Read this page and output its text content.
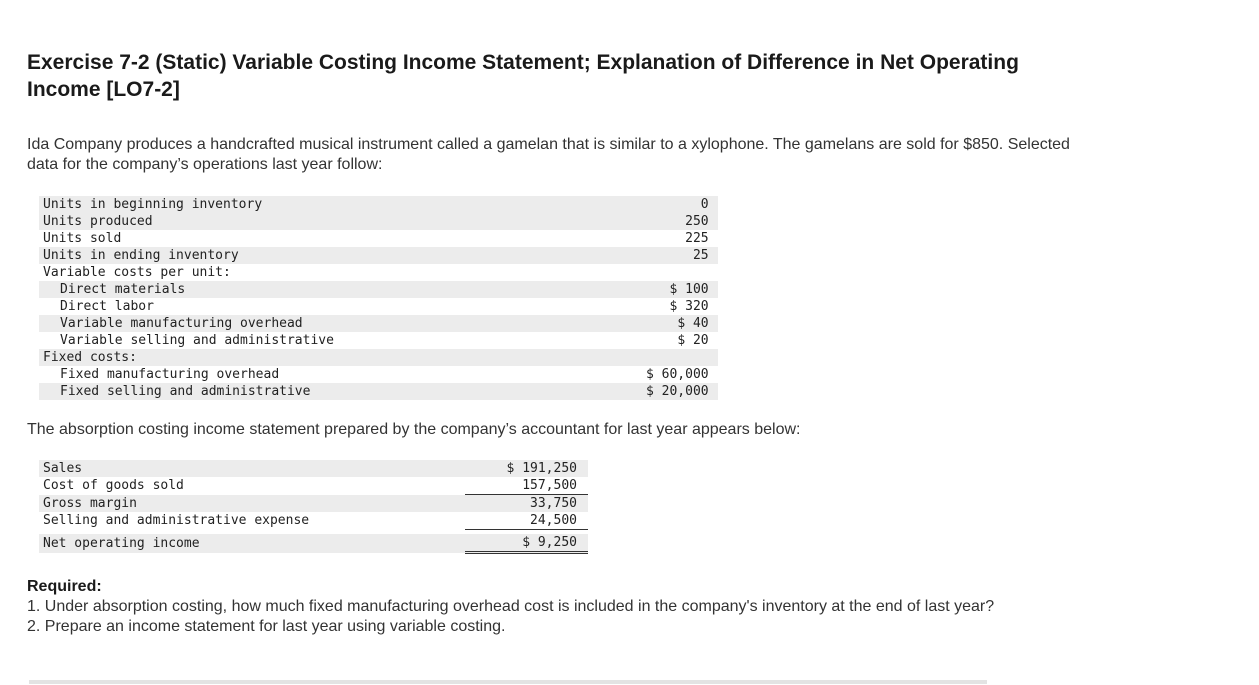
Exercise 7-2 (Static) Variable Costing Income Statement; Explanation of Difference in Net Operating Income [LO7-2]

Ida Company produces a handcrafted musical instrument called a gamelan that is similar to a xylophone. The gamelans are sold for $850. Selected data for the company’s operations last year follow:

Units in beginning inventory	0
Units produced	250
Units sold	225
Units in ending inventory	25
Variable costs per unit:	
Direct materials	$ 100
Direct labor	$ 320
Variable manufacturing overhead	$ 40
Variable selling and administrative	$ 20
Fixed costs:	
Fixed manufacturing overhead	$ 60,000
Fixed selling and administrative	$ 20,000

The absorption costing income statement prepared by the company’s accountant for last year appears below:

Sales	$ 191,250
Cost of goods sold	157,500
Gross margin	33,750
Selling and administrative expense	24,500

Net operating income	$ 9,250
Required:
1. Under absorption costing, how much fixed manufacturing overhead cost is included in the company's inventory at the end of last year?
2. Prepare an income statement for last year using variable costing.
